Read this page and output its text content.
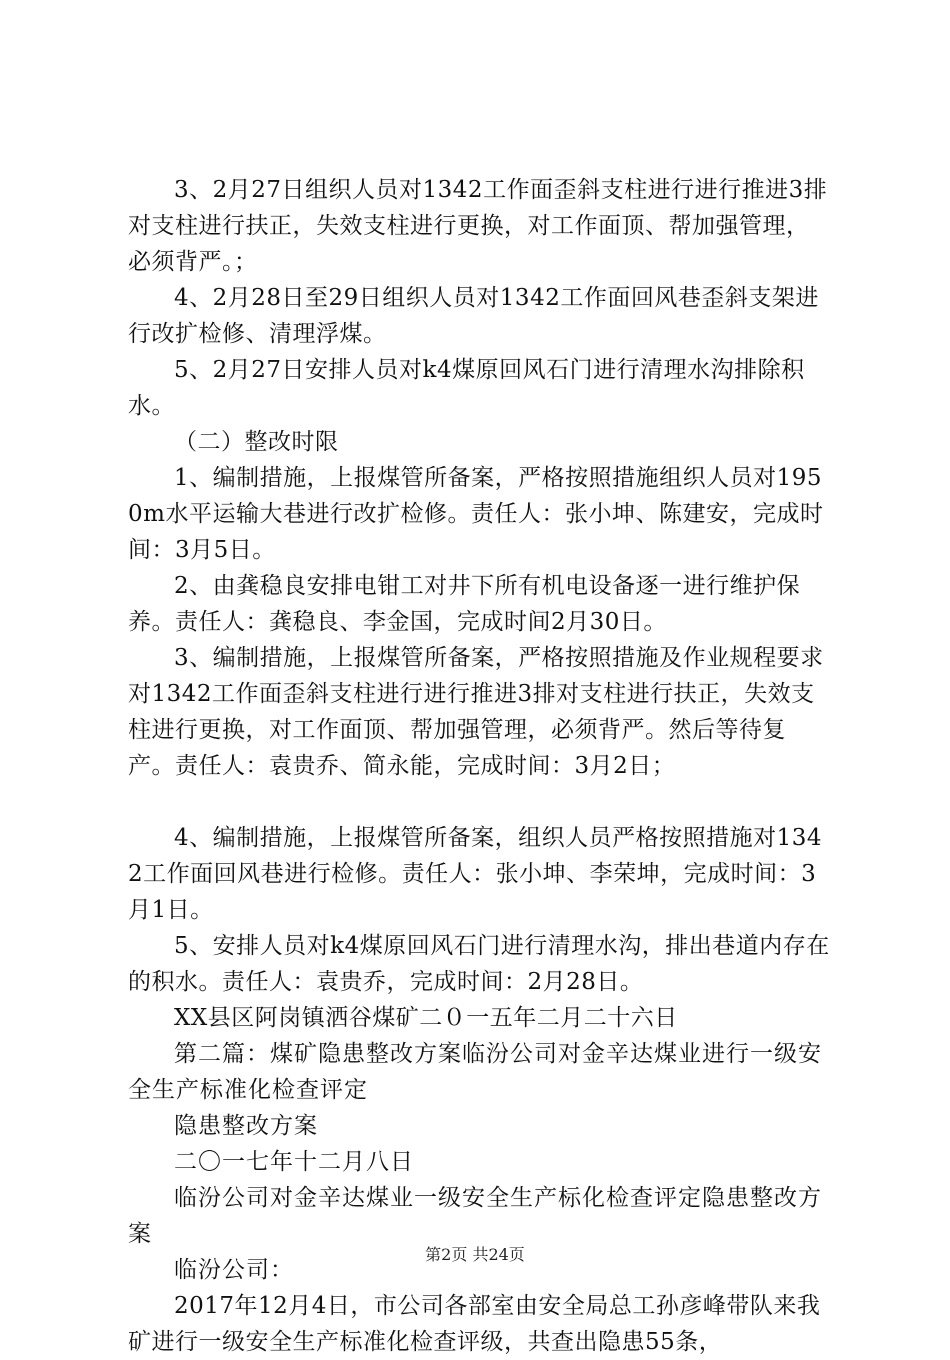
3、2月27日组织人员对1342工作面歪斜支柱进行进行推进3排对支柱进行扶正，失效支柱进行更换，对工作面顶、帮加强管理，必须背严。；

4、2月28日至29日组织人员对1342工作面回风巷歪斜支架进行改扩检修、清理浮煤。

5、2月27日安排人员对k4煤原回风石门进行清理水沟排除积水。

（二）整改时限

1、编制措施，上报煤管所备案，严格按照措施组织人员对1950m水平运输大巷进行改扩检修。责任人：张小坤、陈建安，完成时间：3月5日。

2、由龚稳良安排电钳工对井下所有机电设备逐一进行维护保养。责任人：龚稳良、李金国，完成时间2月30日。

3、编制措施，上报煤管所备案，严格按照措施及作业规程要求对1342工作面歪斜支柱进行进行推进3排对支柱进行扶正，失效支柱进行更换，对工作面顶、帮加强管理，必须背严。然后等待复产。责任人：袁贵乔、简永能，完成时间：3月2日；

4、编制措施，上报煤管所备案，组织人员严格按照措施对1342工作面回风巷进行检修。责任人：张小坤、李荣坤，完成时间：3月1日。

5、安排人员对k4煤原回风石门进行清理水沟，排出巷道内存在的积水。责任人：袁贵乔，完成时间：2月28日。

XX县区阿岗镇洒谷煤矿二０一五年二月二十六日

第二篇：煤矿隐患整改方案临汾公司对金辛达煤业进行一级安全生产标准化检查评定

隐患整改方案

二〇一七年十二月八日

临汾公司对金辛达煤业一级安全生产标化检查评定隐患整改方案

临汾公司：

2017年12月4日，市公司各部室由安全局总工孙彦峰带队来我矿进行一级安全生产标准化检查评级，共查出隐患55条，

第2页 共24页
